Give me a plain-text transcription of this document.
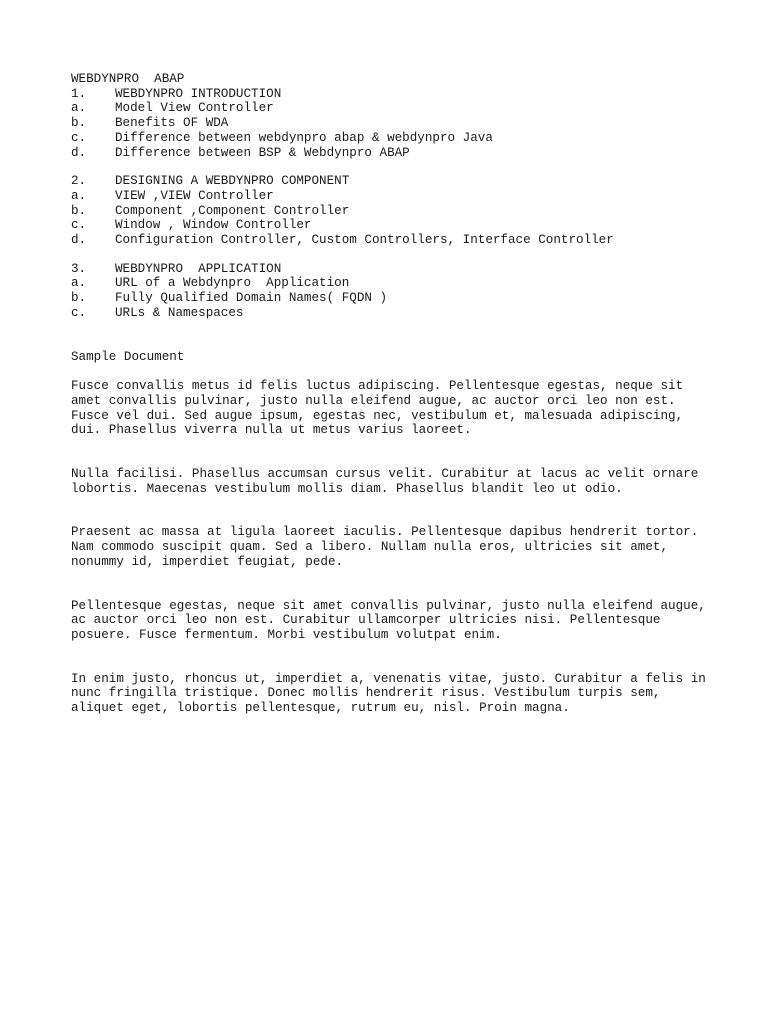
WEBDYNPRO  ABAP
1.	WEBDYNPRO INTRODUCTION
a.	Model View Controller
b.	Benefits OF WDA
c.	Difference between webdynpro abap & webdynpro Java
d.	Difference between BSP & Webdynpro ABAP
2.	DESIGNING A WEBDYNPRO COMPONENT
a.	VIEW ,VIEW Controller
b.	Component ,Component Controller
c.	Window , Window Controller
d.	Configuration Controller, Custom Controllers, Interface Controller
3.	WEBDYNPRO  APPLICATION
a.	URL of a Webdynpro  Application
b.	Fully Qualified Domain Names( FQDN )
c.	URLs & Namespaces
Sample Document

Fusce convallis metus id felis luctus adipiscing. Pellentesque egestas, neque sit amet convallis pulvinar, justo nulla eleifend augue, ac auctor orci leo non est. Fusce vel dui. Sed augue ipsum, egestas nec, vestibulum et, malesuada adipiscing, dui. Phasellus viverra nulla ut metus varius laoreet.

Nulla facilisi. Phasellus accumsan cursus velit. Curabitur at lacus ac velit ornare lobortis. Maecenas vestibulum mollis diam. Phasellus blandit leo ut odio.

Praesent ac massa at ligula laoreet iaculis. Pellentesque dapibus hendrerit tortor. Nam commodo suscipit quam. Sed a libero. Nullam nulla eros, ultricies sit amet, nonummy id, imperdiet feugiat, pede.

Pellentesque egestas, neque sit amet convallis pulvinar, justo nulla eleifend augue, ac auctor orci leo non est. Curabitur ullamcorper ultricies nisi. Pellentesque posuere. Fusce fermentum. Morbi vestibulum volutpat enim.

In enim justo, rhoncus ut, imperdiet a, venenatis vitae, justo. Curabitur a felis in nunc fringilla tristique. Donec mollis hendrerit risus. Vestibulum turpis sem, aliquet eget, lobortis pellentesque, rutrum eu, nisl. Proin magna.
